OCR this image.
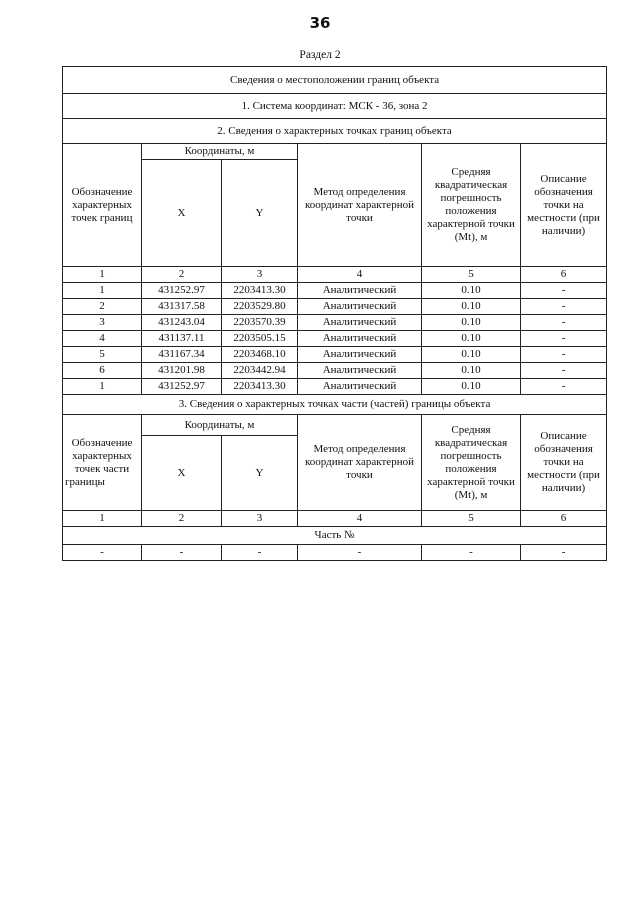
36
Раздел 2
Сведения о местоположении границ объекта					
1. Система координат: МСК - 36, зона 2					
2. Сведения о характерных точках границ объекта					
Обозначение характерных точек границ	Координаты, м		Метод определения координат характерной точки	Средняя квадратическая погрешность положения характерной точки (Mt), м	Описание обозначения точки на местности (при наличии)
	X	Y			
1	2	3	4	5	6
1	431252.97	2203413.30	Аналитический	0.10	-
2	431317.58	2203529.80	Аналитический	0.10	-
3	431243.04	2203570.39	Аналитический	0.10	-
4	431137.11	2203505.15	Аналитический	0.10	-
5	431167.34	2203468.10	Аналитический	0.10	-
6	431201.98	2203442.94	Аналитический	0.10	-
1	431252.97	2203413.30	Аналитический	0.10	-
3. Сведения о характерных точках части (частей) границы объекта					
Обозначение характерных точек части границы	Координаты, м		Метод определения координат характерной точки	Средняя квадратическая погрешность положения характерной точки (Mt), м	Описание обозначения точки на местности (при наличии)
	X	Y			
1	2	3	4	5	6
Часть №					
-	-	-	-	-	-
